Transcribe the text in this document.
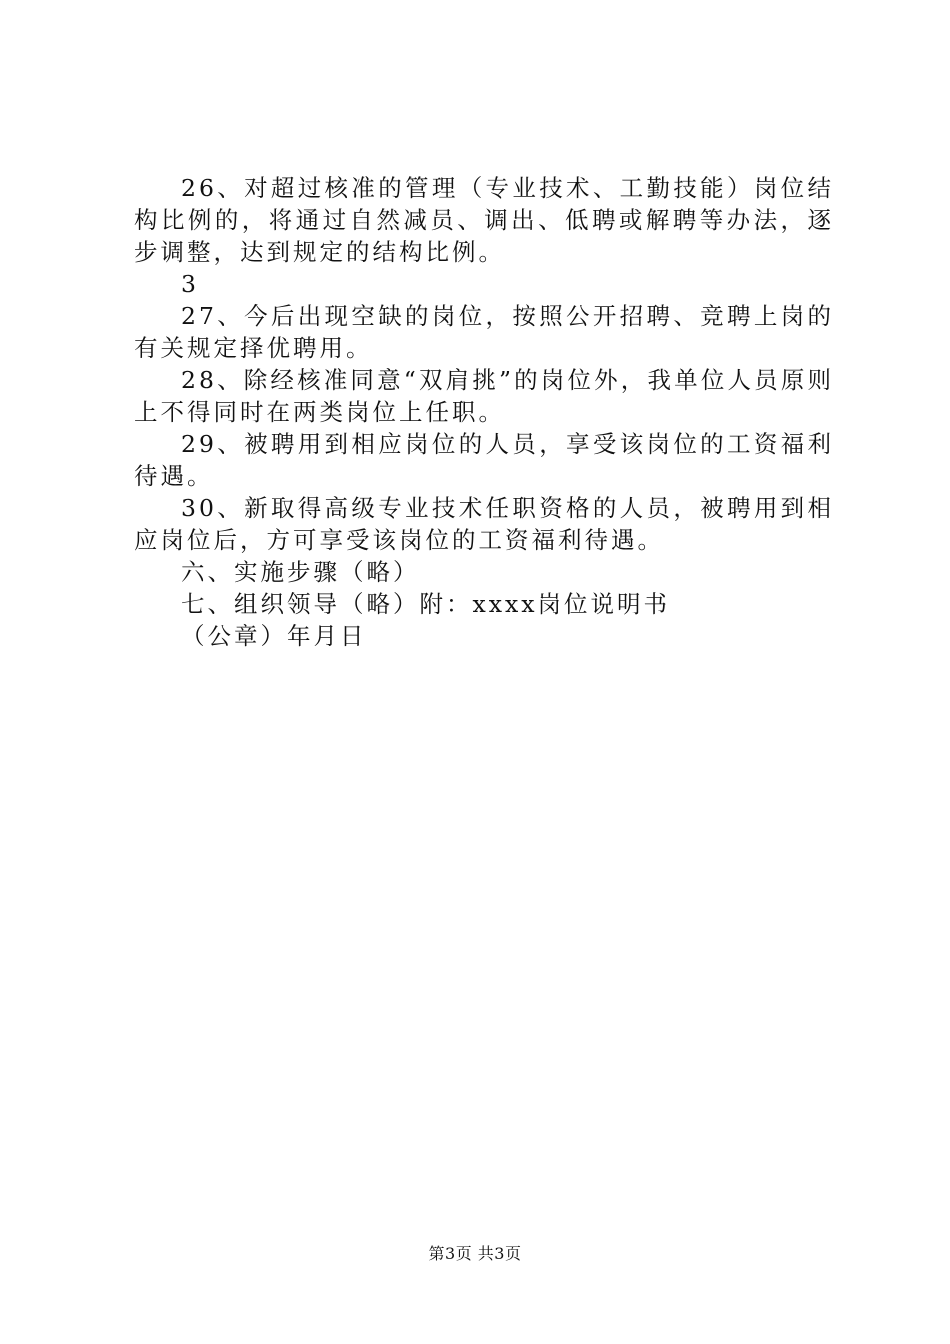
26、对超过核准的管理（专业技术、工勤技能）岗位结构比例的，将通过自然减员、调出、低聘或解聘等办法，逐步调整，达到规定的结构比例。

3

27、今后出现空缺的岗位，按照公开招聘、竞聘上岗的有关规定择优聘用。

28、除经核准同意“双肩挑”的岗位外，我单位人员原则上不得同时在两类岗位上任职。

29、被聘用到相应岗位的人员，享受该岗位的工资福利待遇。

30、新取得高级专业技术任职资格的人员，被聘用到相应岗位后，方可享受该岗位的工资福利待遇。

六、实施步骤（略）

七、组织领导（略）附：xxxx岗位说明书

（公章）年月日

第3页 共3页
